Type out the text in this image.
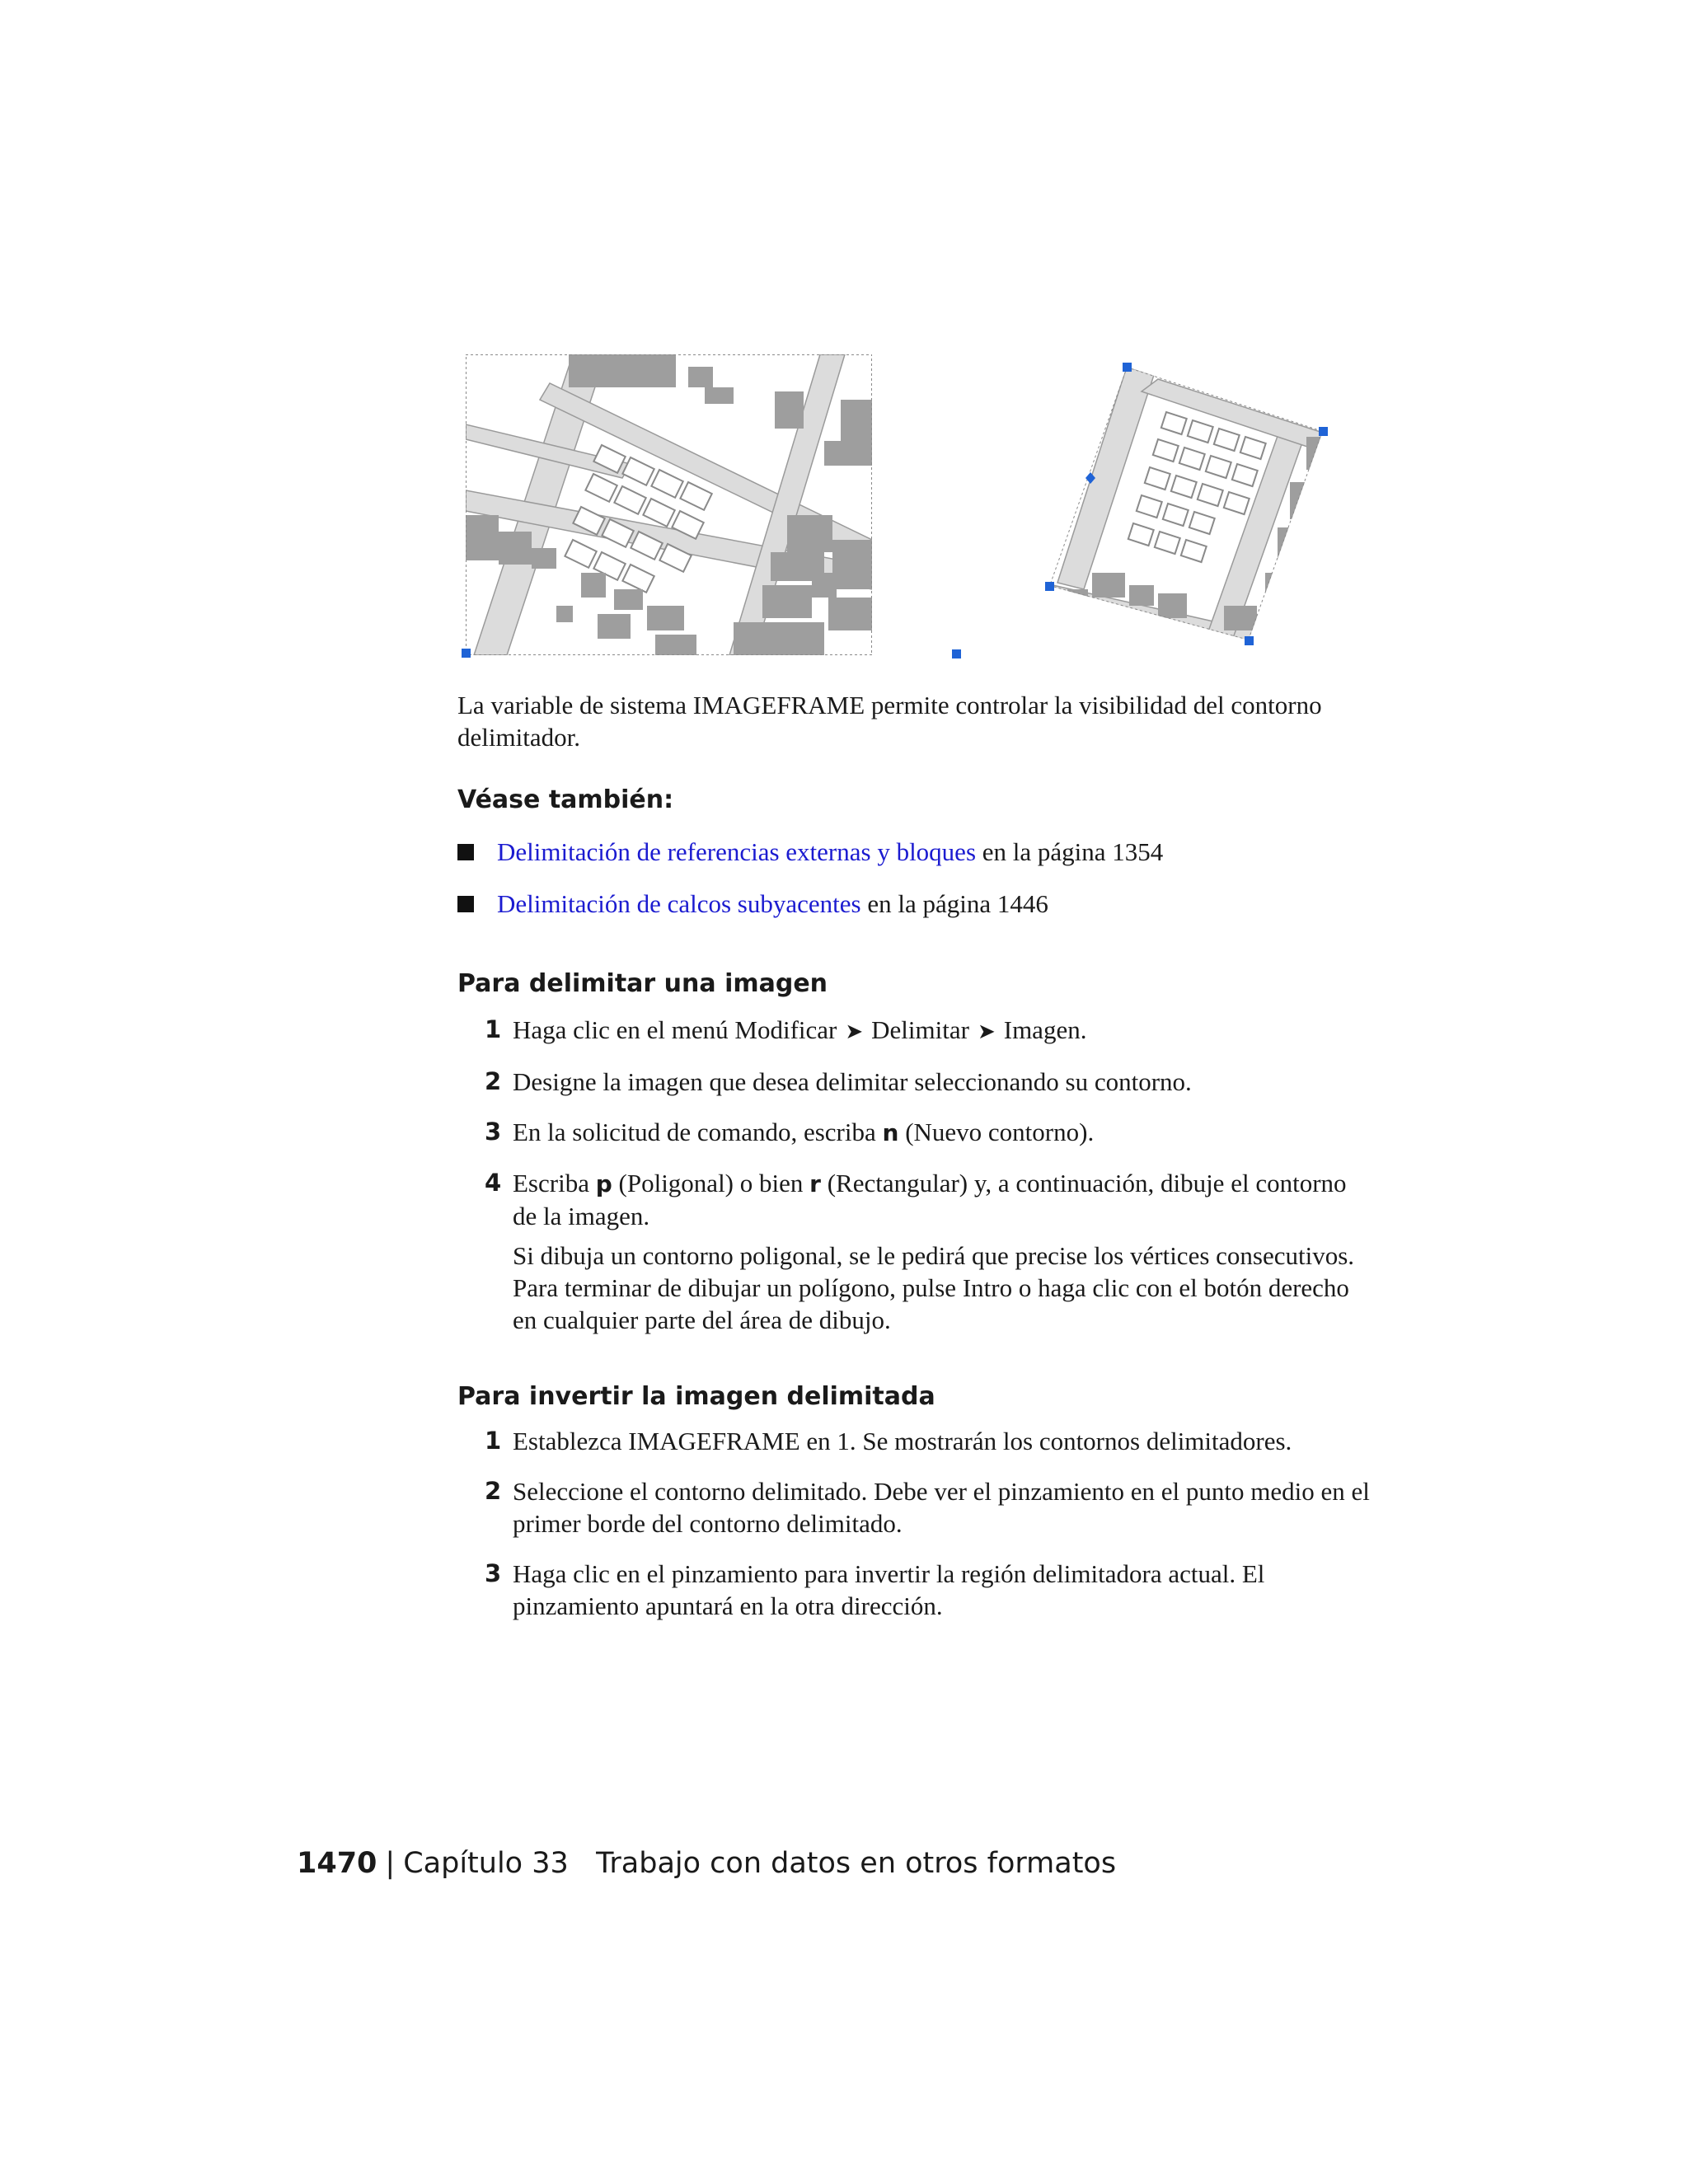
La variable de sistema IMAGEFRAME permite controlar la visibilidad del contorno delimitador.
Véase también:
Delimitación de referencias externas y bloques en la página 1354
Delimitación de calcos subyacentes en la página 1446
Para delimitar una imagen
1 Haga clic en el menú Modificar ➤ Delimitar ➤ Imagen.
2 Designe la imagen que desea delimitar seleccionando su contorno.
3 En la solicitud de comando, escriba n (Nuevo contorno).
4 Escriba p (Poligonal) o bien r (Rectangular) y, a continuación, dibuje el contorno de la imagen.
Si dibuja un contorno poligonal, se le pedirá que precise los vértices consecutivos. Para terminar de dibujar un polígono, pulse Intro o haga clic con el botón derecho en cualquier parte del área de dibujo.
Para invertir la imagen delimitada
1 Establezca IMAGEFRAME en 1. Se mostrarán los contornos delimitadores.
2 Seleccione el contorno delimitado. Debe ver el pinzamiento en el punto medio en el primer borde del contorno delimitado.
3 Haga clic en el pinzamiento para invertir la región delimitadora actual. El pinzamiento apuntará en la otra dirección.
1470 | Capítulo 33 Trabajo con datos en otros formatos
